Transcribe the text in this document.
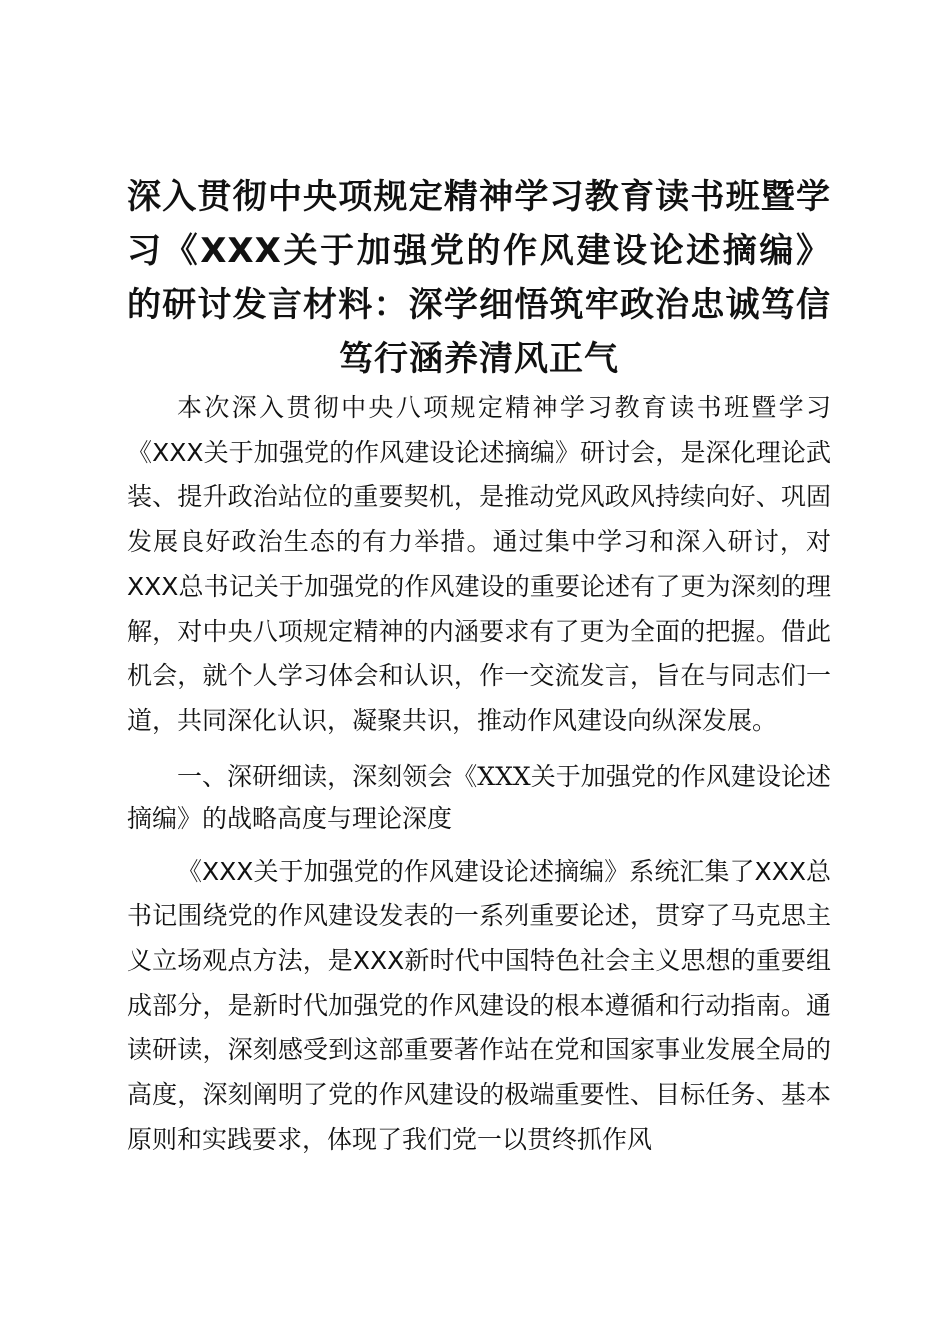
深入贯彻中央项规定精神学习教育读书班暨学习《XXX关于加强党的作风建设论述摘编》的研讨发言材料：深学细悟筑牢政治忠诚笃信笃行涵养清风正气

本次深入贯彻中央八项规定精神学习教育读书班暨学习《XXX关于加强党的作风建设论述摘编》研讨会，是深化理论武装、提升政治站位的重要契机，是推动党风政风持续向好、巩固发展良好政治生态的有力举措。通过集中学习和深入研讨，对XXX总书记关于加强党的作风建设的重要论述有了更为深刻的理解，对中央八项规定精神的内涵要求有了更为全面的把握。借此机会，就个人学习体会和认识，作一交流发言，旨在与同志们一道，共同深化认识，凝聚共识，推动作风建设向纵深发展。

一、深研细读，深刻领会《XXX关于加强党的作风建设论述摘编》的战略高度与理论深度

《XXX关于加强党的作风建设论述摘编》系统汇集了XXX总书记围绕党的作风建设发表的一系列重要论述，贯穿了马克思主义立场观点方法，是XXX新时代中国特色社会主义思想的重要组成部分，是新时代加强党的作风建设的根本遵循和行动指南。通读研读，深刻感受到这部重要著作站在党和国家事业发展全局的高度，深刻阐明了党的作风建设的极端重要性、目标任务、基本原则和实践要求，体现了我们党一以贯终抓作风
